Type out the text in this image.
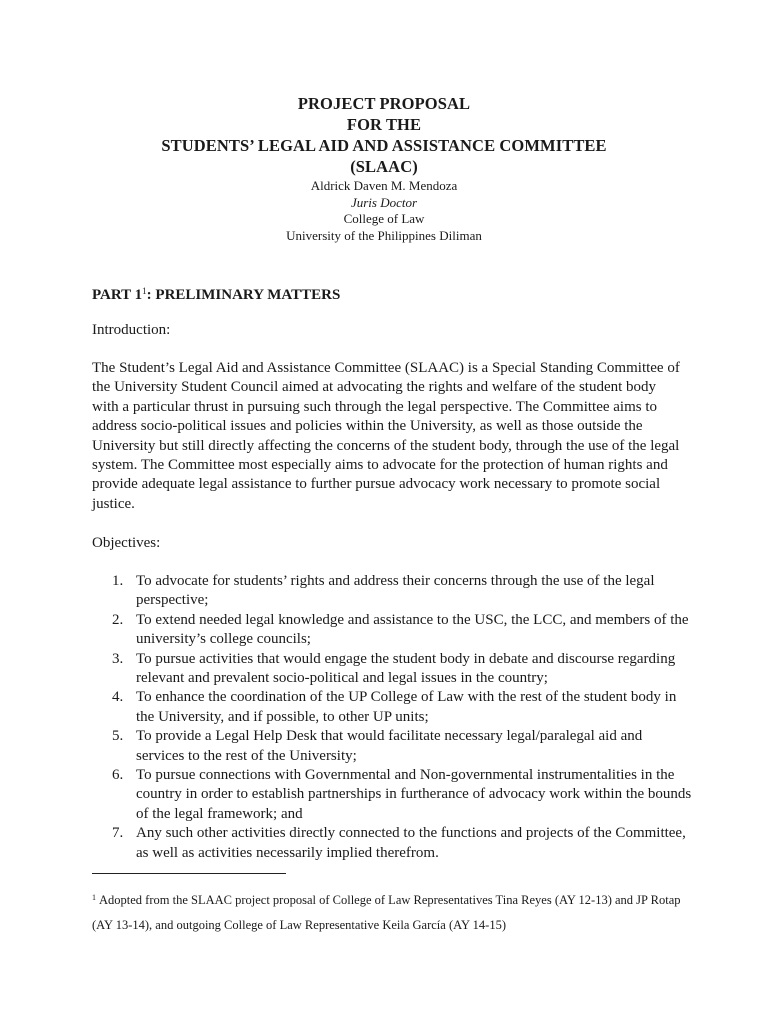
PROJECT PROPOSAL
FOR THE
STUDENTS’ LEGAL AID AND ASSISTANCE COMMITTEE
(SLAAC)
Aldrick Daven M. Mendoza
Juris Doctor
College of Law
University of the Philippines Diliman
PART $1^1$: PRELIMINARY MATTERS
Introduction:
The Student’s Legal Aid and Assistance Committee (SLAAC) is a Special Standing Committee of the University Student Council aimed at advocating the rights and welfare of the student body with a particular thrust in pursuing such through the legal perspective. The Committee aims to address socio-political issues and policies within the University, as well as those outside the University but still directly affecting the concerns of the student body, through the use of the legal system. The Committee most especially aims to advocate for the protection of human rights and provide adequate legal assistance to further pursue advocacy work necessary to promote social justice.
Objectives:
1. To advocate for students’ rights and address their concerns through the use of the legal perspective;
2. To extend needed legal knowledge and assistance to the USC, the LCC, and members of the university’s college councils;
3. To pursue activities that would engage the student body in debate and discourse regarding relevant and prevalent socio-political and legal issues in the country;
4. To enhance the coordination of the UP College of Law with the rest of the student body in the University, and if possible, to other UP units;
5. To provide a Legal Help Desk that would facilitate necessary legal/paralegal aid and services to the rest of the University;
6. To pursue connections with Governmental and Non-governmental instrumentalities in the country in order to establish partnerships in furtherance of advocacy work within the bounds of the legal framework; and
7. Any such other activities directly connected to the functions and projects of the Committee, as well as activities necessarily implied therefrom.
$^1$ Adopted from the SLAAC project proposal of College of Law Representatives Tina Reyes (AY 12-13) and JP Rotap (AY 13-14), and outgoing College of Law Representative Keila García (AY 14-15)
